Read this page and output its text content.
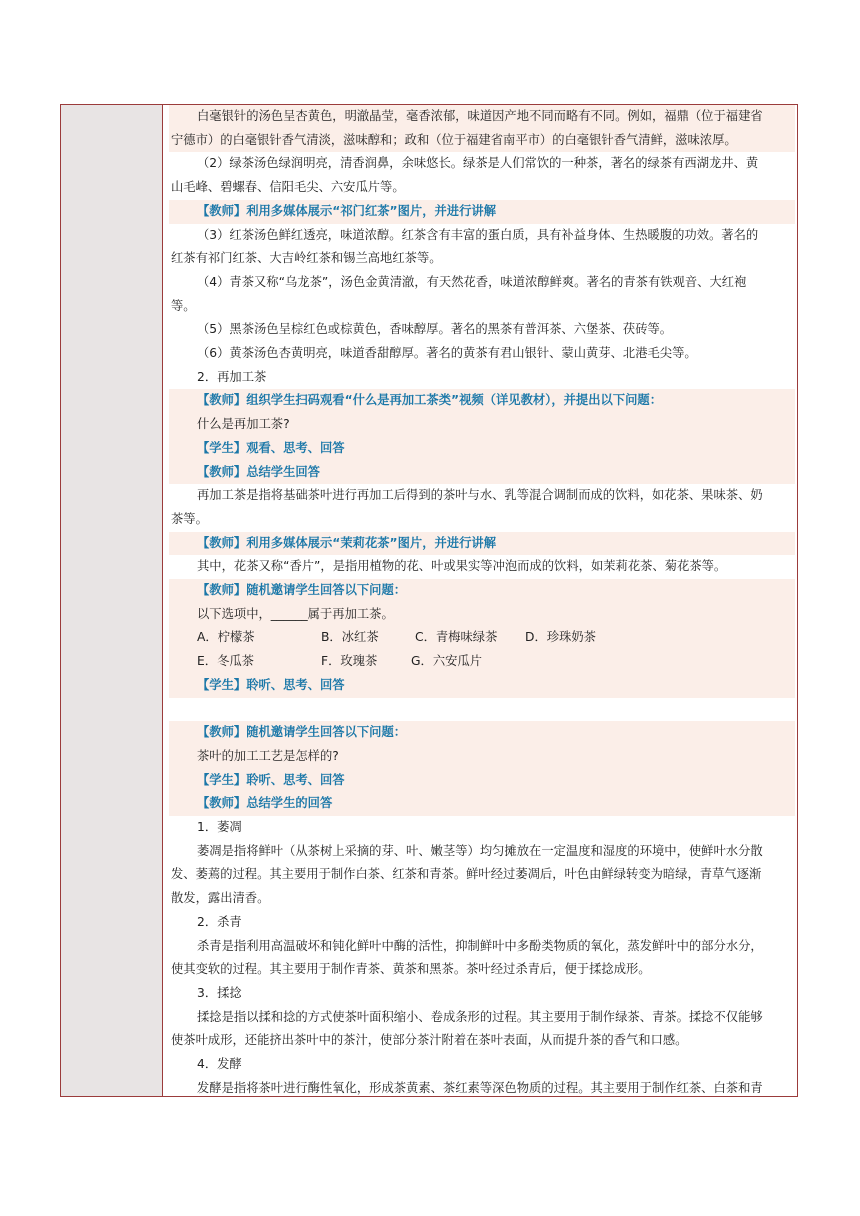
白毫银针的汤色呈杏黄色，明澈晶莹，毫香浓郁，味道因产地不同而略有不同。例如，福鼎（位于福建省
宁德市）的白毫银针香气清淡，滋味醇和；政和（位于福建省南平市）的白毫银针香气清鲜，滋味浓厚。
（2）绿茶汤色绿润明亮，清香润鼻，余味悠长。绿茶是人们常饮的一种茶，著名的绿茶有西湖龙井、黄
山毛峰、碧螺春、信阳毛尖、六安瓜片等。
【教师】利用多媒体展示“祁门红茶”图片，并进行讲解
（3）红茶汤色鲜红透亮，味道浓醇。红茶含有丰富的蛋白质，具有补益身体、生热暖腹的功效。著名的
红茶有祁门红茶、大吉岭红茶和锡兰高地红茶等。
（4）青茶又称“乌龙茶”，汤色金黄清澈，有天然花香，味道浓醇鲜爽。著名的青茶有铁观音、大红袍
等。
（5）黑茶汤色呈棕红色或棕黄色，香味醇厚。著名的黑茶有普洱茶、六堡茶、茯砖等。
（6）黄茶汤色杏黄明亮，味道香甜醇厚。著名的黄茶有君山银针、蒙山黄芽、北港毛尖等。
2．再加工茶
【教师】组织学生扫码观看“什么是再加工茶类”视频（详见教材），并提出以下问题：
什么是再加工茶?
【学生】观看、思考、回答
【教师】总结学生回答
再加工茶是指将基础茶叶进行再加工后得到的茶叶与水、乳等混合调制而成的饮料，如花茶、果味茶、奶
茶等。
【教师】利用多媒体展示“茉莉花茶”图片，并进行讲解
其中，花茶又称“香片”，是指用植物的花、叶或果实等冲泡而成的饮料，如茉莉花茶、菊花茶等。
【教师】随机邀请学生回答以下问题：
以下选项中，______属于再加工茶。
A．柠檬茶	B．冰红茶	C．青梅味绿茶 D．珍珠奶茶
E．冬瓜茶	F．玫瑰茶	G．六安瓜片
【学生】聆听、思考、回答
【教师】随机邀请学生回答以下问题：
茶叶的加工工艺是怎样的?
【学生】聆听、思考、回答
【教师】总结学生的回答
1．萎凋
萎凋是指将鲜叶（从茶树上采摘的芽、叶、嫩茎等）均匀摊放在一定温度和湿度的环境中，使鲜叶水分散
发、萎蔫的过程。其主要用于制作白茶、红茶和青茶。鲜叶经过萎凋后，叶色由鲜绿转变为暗绿，青草气逐渐
散发，露出清香。
2．杀青
杀青是指利用高温破坏和钝化鲜叶中酶的活性，抑制鲜叶中多酚类物质的氧化，蒸发鲜叶中的部分水分，
使其变软的过程。其主要用于制作青茶、黄茶和黑茶。茶叶经过杀青后，便于揉捻成形。
3．揉捻
揉捻是指以揉和捻的方式使茶叶面积缩小、卷成条形的过程。其主要用于制作绿茶、青茶。揉捻不仅能够
使茶叶成形，还能挤出茶叶中的茶汁，使部分茶汁附着在茶叶表面，从而提升茶的香气和口感。
4．发酵
发酵是指将茶叶进行酶性氧化，形成茶黄素、茶红素等深色物质的过程。其主要用于制作红茶、白茶和青
